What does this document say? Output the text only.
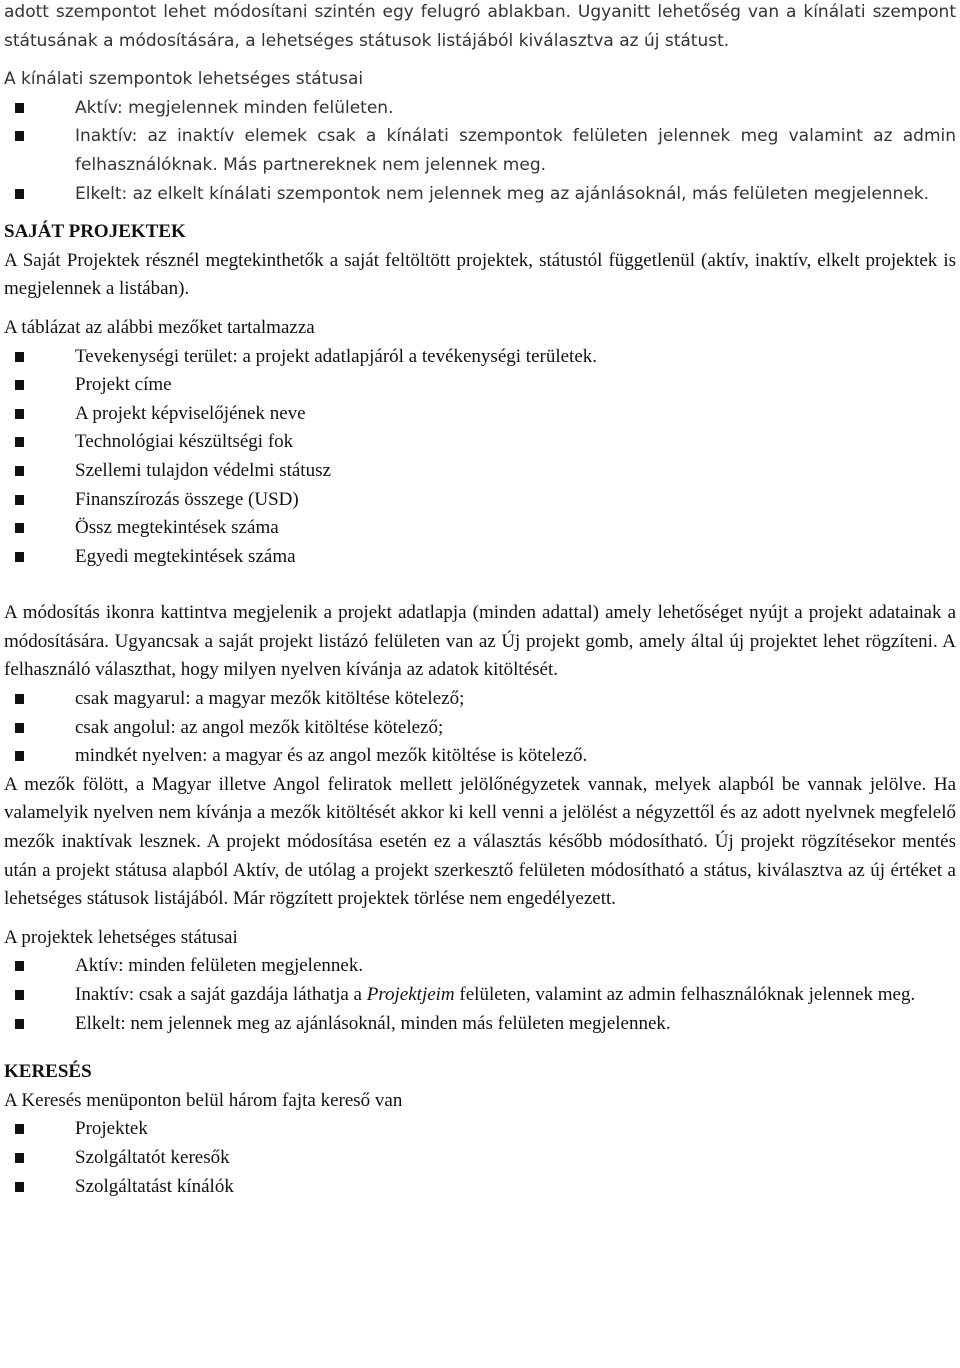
adott szempontot lehet módosítani szintén egy felugró ablakban. Ugyanitt lehetőség van a kínálati szempont státusának a módosítására, a lehetséges státusok listájából kiválasztva az új státust.

A kínálati szempontok lehetséges státusai

Aktív: megjelennek minden felületen.
Inaktív: az inaktív elemek csak a kínálati szempontok felületen jelennek meg valamint az admin felhasználóknak. Más partnereknek nem jelennek meg.
Elkelt: az elkelt kínálati szempontok nem jelennek meg az ajánlásoknál, más felületen megjelennek.

SAJÁT PROJEKTEK

A Saját Projektek résznél megtekinthetők a saját feltöltött projektek, státustól függetlenül (aktív, inaktív, elkelt projektek is megjelennek a listában).

A táblázat az alábbi mezőket tartalmazza

Tevekenységi terület: a projekt adatlapjáról a tevékenységi területek.
Projekt címe
A projekt képviselőjének neve
Technológiai készültségi fok
Szellemi tulajdon védelmi státusz
Finanszírozás összege (USD)
Össz megtekintések száma
Egyedi megtekintések száma

A módosítás ikonra kattintva megjelenik a projekt adatlapja (minden adattal) amely lehetőséget nyújt a projekt adatainak a módosítására. Ugyancsak a saját projekt listázó felületen van az Új projekt gomb, amely által új projektet lehet rögzíteni. A felhasználó választhat, hogy milyen nyelven kívánja az adatok kitöltését.

csak magyarul: a magyar mezők kitöltése kötelező;
csak angolul: az angol mezők kitöltése kötelező;
mindkét nyelven: a magyar és az angol mezők kitöltése is kötelező.

A mezők fölött, a Magyar illetve Angol feliratok mellett jelölőnégyzetek vannak, melyek alapból be vannak jelölve. Ha valamelyik nyelven nem kívánja a mezők kitöltését akkor ki kell venni a jelölést a négyzettől és az adott nyelvnek megfelelő mezők inaktívak lesznek. A projekt módosítása esetén ez a választás később módosítható. Új projekt rögzítésekor mentés után a projekt státusa alapból Aktív, de utólag a projekt szerkesztő felületen módosítható a státus, kiválasztva az új értéket a lehetséges státusok listájából. Már rögzített projektek törlése nem engedélyezett.

A projektek lehetséges státusai

Aktív: minden felületen megjelennek.
Inaktív: csak a saját gazdája láthatja a Projektjeim felületen, valamint az admin felhasználóknak jelennek meg.
Elkelt: nem jelennek meg az ajánlásoknál, minden más felületen megjelennek.

KERESÉS

A Keresés menüponton belül három fajta kereső van

Projektek
Szolgáltatót keresők
Szolgáltatást kínálók
